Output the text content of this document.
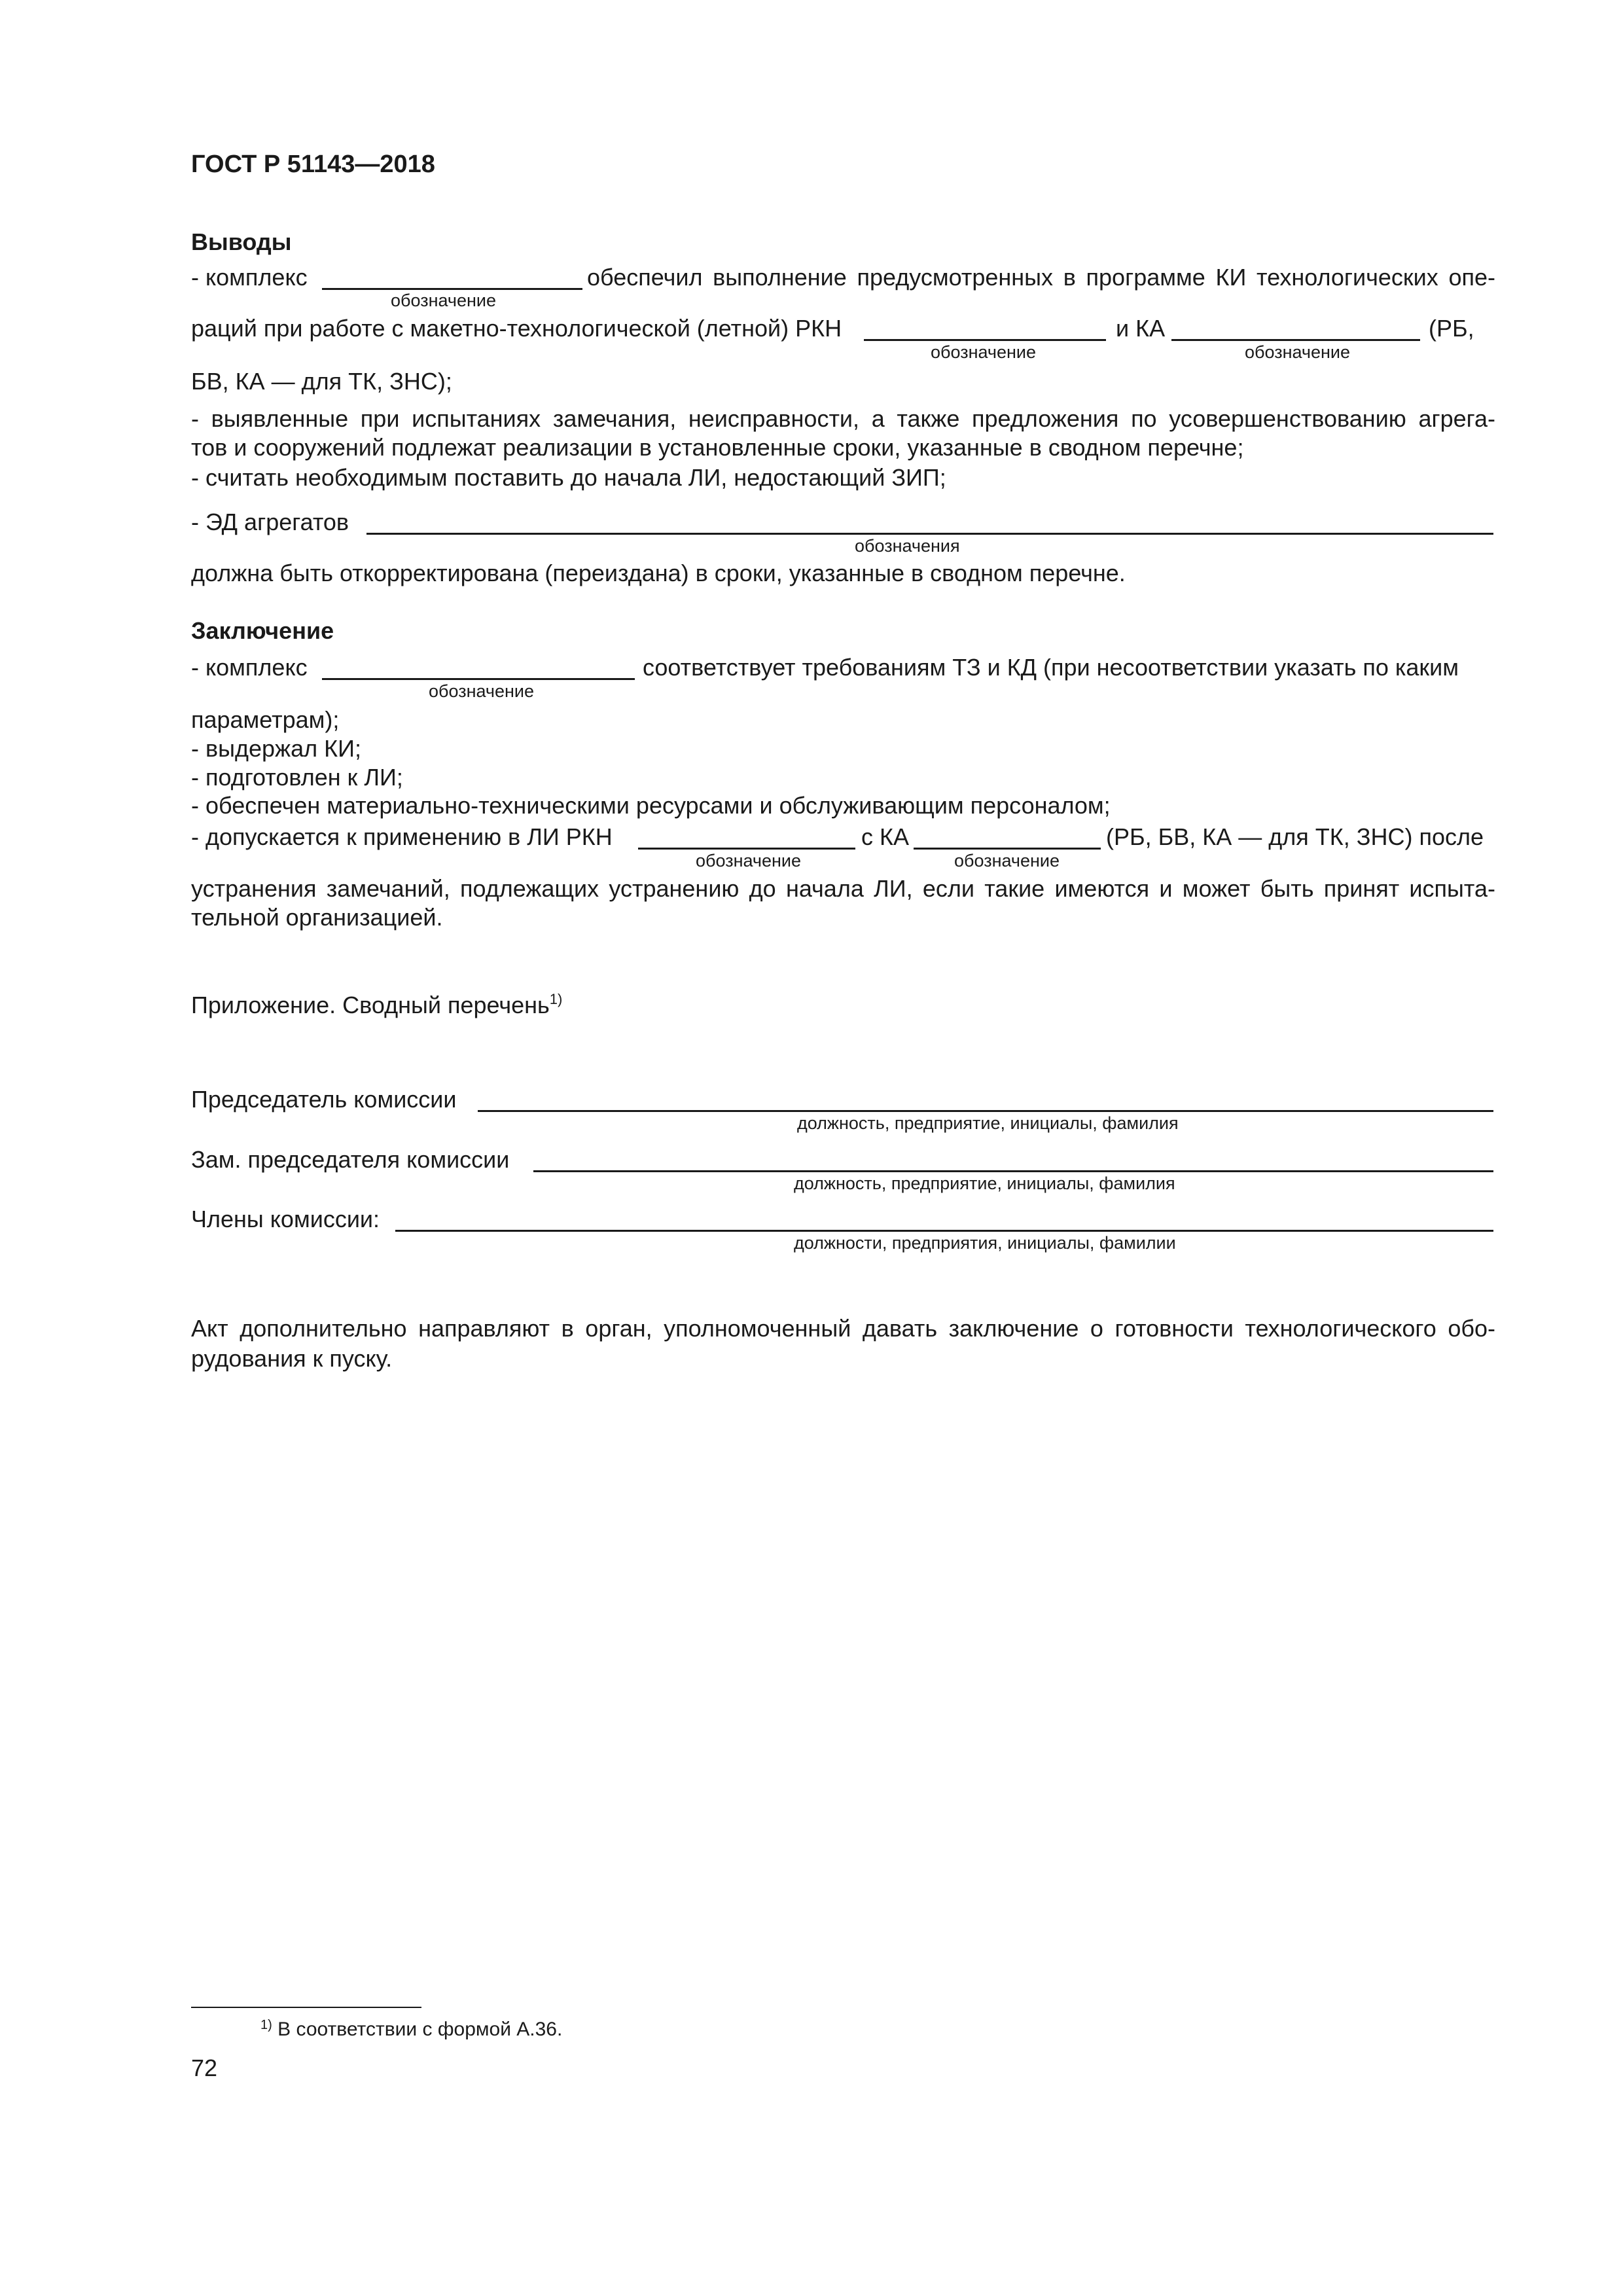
ГОСТ Р 51143—2018
Выводы
- комплекс
обозначение
обеспечил выполнение предусмотренных в программе КИ технологических опе-
раций при работе с макетно-технологической (летной) РКН
обозначение
и КА
обозначение
(РБ,
БВ, КА — для ТК, ЗНС);
- выявленные при испытаниях замечания, неисправности, а также предложения по усовершенствованию агрега-
тов и сооружений подлежат реализации в установленные сроки, указанные в сводном перечне;
- считать необходимым поставить до начала ЛИ, недостающий ЗИП;
- ЭД агрегатов
обозначения
должна быть откорректирована (переиздана) в сроки, указанные в сводном перечне.
Заключение
- комплекс
обозначение
соответствует требованиям ТЗ и КД (при несоответствии указать по каким
параметрам);
- выдержал КИ;
- подготовлен к ЛИ;
- обеспечен материально-техническими ресурсами и обслуживающим персоналом;
- допускается к применению в ЛИ РКН
обозначение
с КА
обозначение
(РБ, БВ, КА — для ТК, ЗНС) после
устранения замечаний, подлежащих устранению до начала ЛИ, если такие имеются и может быть принят испыта-
тельной организацией.
Приложение. Сводный перечень$^{1)}$
Председатель комиссии
должность, предприятие, инициалы, фамилия
Зам. председателя комиссии
должность, предприятие, инициалы, фамилия
Члены комиссии:
должности, предприятия, инициалы, фамилии
Акт дополнительно направляют в орган, уполномоченный давать заключение о готовности технологического обо-
рудования к пуску.
$^{1)}$ В соответствии с формой А.36.
72
